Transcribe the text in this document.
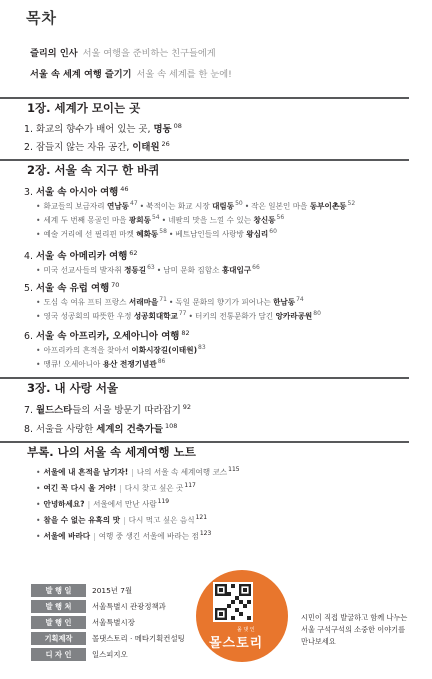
목차
즐리의 인사 서울 여행을 준비하는 친구들에게
서울 속 세계 여행 즐기기 서울 속 세계를 한 눈에!
1장. 세계가 모이는 곳
1. 화교의 향수가 배어 있는 곳, 명동 $^{08}$
2. 잠들지 않는 자유 공간, 이태원 $^{26}$
2장. 서울 속 지구 한 바퀴
3. 서울 속 아시아 여행 $^{46}$
• 화교들의 보금자리 연남동$^{47}$ • 북적이는 화교 시장 대림동$^{50}$ • 작은 일본인 마을 동부이촌동$^{52}$
• 세계 두 번째 몽골인 마을 광희동$^{54}$ • 네팔의 맛을 느낄 수 있는 창신동$^{56}$
• 예술 거리에 선 필리핀 마켓 혜화동$^{58}$ • 베트남인들의 사랑방 왕십리$^{60}$
4. 서울 속 아메리카 여행 $^{62}$
• 미국 선교사들의 발자취 정동길$^{63}$ • 남미 문화 집합소 홍대입구$^{66}$
5. 서울 속 유럽 여행 $^{70}$
• 도심 속 여유 프티 프랑스 서래마을$^{71}$ • 독일 문화의 향기가 피어나는 한남동$^{74}$
• 영국 성공회의 따뜻한 우정 성공회대학교$^{77}$ • 터키의 전통문화가 담긴 앙카라공원$^{80}$
6. 서울 속 아프리카, 오세아니아 여행 $^{82}$
• 아프리카의 흔적을 찾아서 이화시장길(이태원)$^{83}$
• 땡큐! 오세아니아 용산 전쟁기념관$^{86}$
3장. 내 사랑 서울
7. 월드스타들의 서울 방문기 따라잡기 $^{92}$
8. 서울을 사랑한 세계의 건축가들 $^{108}$
부록. 나의 서울 속 세계여행 노트
• 서울에 내 흔적을 남기자! | 나의 서울 속 세계여행 코스$^{115}$
• 여긴 꼭 다시 올 거야! | 다시 찾고 싶은 곳$^{117}$
• 안녕하세요? | 서울에서 만난 사람$^{119}$
• 참을 수 없는 유혹의 맛 | 다시 먹고 싶은 음식$^{121}$
• 서울에 바라다 | 여행 중 생긴 서울에 바라는 점$^{123}$
발 행 일	2015년 7월
발 행 처	서울특별시 관광정책과
발 행 인	서울특별시장
기획제작	몰댓스토리 · 메타기획컨설팅
디 자 인	일스피지오
몰 댓 인
몰스토리
시민이 직접 발굴하고 함께 나누는
서울 구석구석의 소중한 이야기를
만나보세요
